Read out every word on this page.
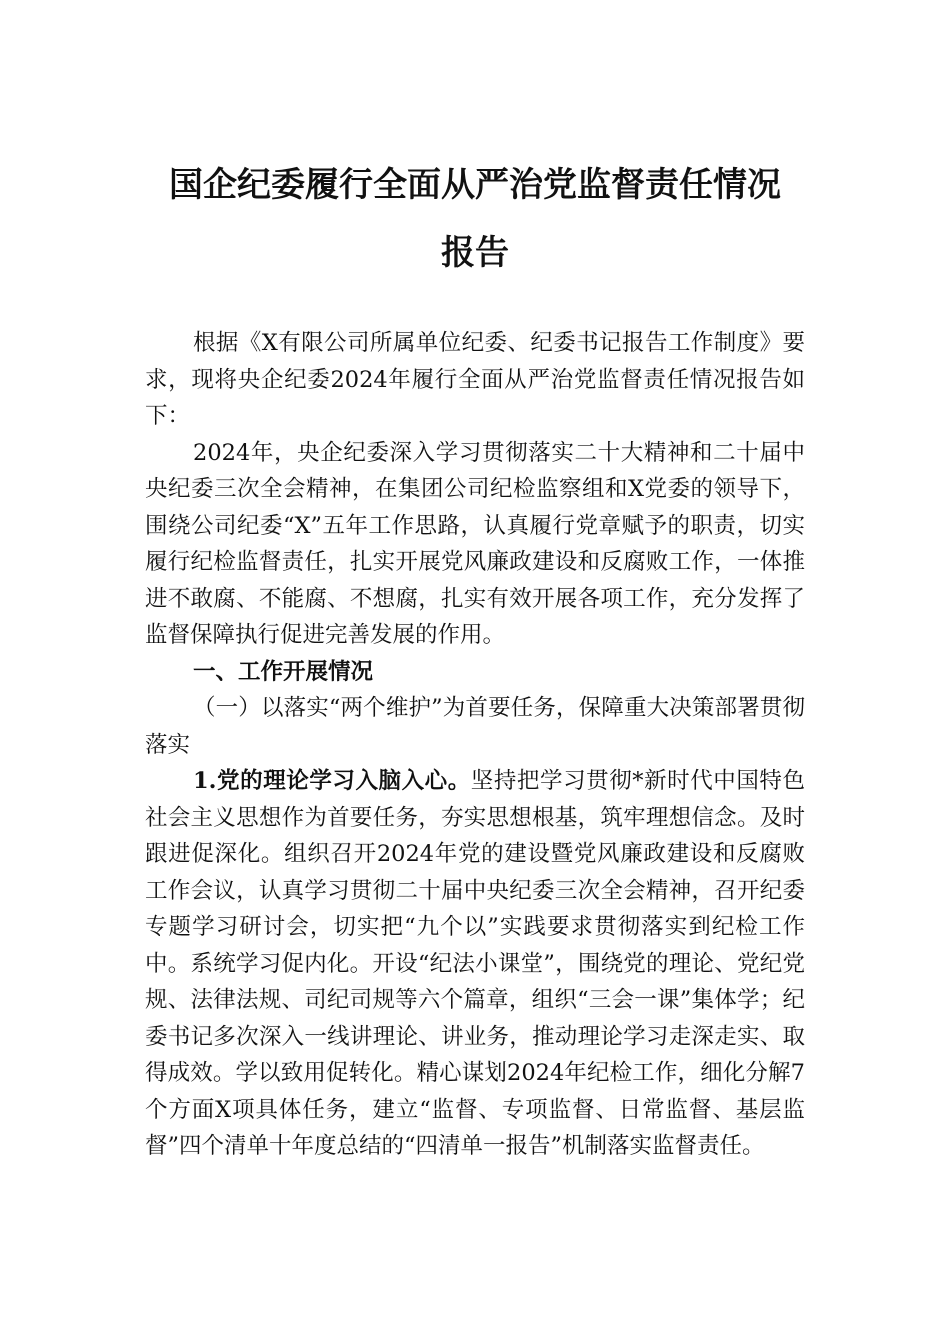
国企纪委履行全面从严治党监督责任情况
报告

根据《X有限公司所属单位纪委、纪委书记报告工作制度》要求，现将央企纪委2024年履行全面从严治党监督责任情况报告如下：

2024年，央企纪委深入学习贯彻落实二十大精神和二十届中央纪委三次全会精神，在集团公司纪检监察组和X党委的领导下，围绕公司纪委“X”五年工作思路，认真履行党章赋予的职责，切实履行纪检监督责任，扎实开展党风廉政建设和反腐败工作，一体推进不敢腐、不能腐、不想腐，扎实有效开展各项工作，充分发挥了监督保障执行促进完善发展的作用。

一、工作开展情况

（一）以落实“两个维护”为首要任务，保障重大决策部署贯彻落实

1.党的理论学习入脑入心。坚持把学习贯彻*新时代中国特色社会主义思想作为首要任务，夯实思想根基，筑牢理想信念。及时跟进促深化。组织召开2024年党的建设暨党风廉政建设和反腐败工作会议，认真学习贯彻二十届中央纪委三次全会精神，召开纪委专题学习研讨会，切实把“九个以”实践要求贯彻落实到纪检工作中。系统学习促内化。开设“纪法小课堂”，围绕党的理论、党纪党规、法律法规、司纪司规等六个篇章，组织“三会一课”集体学；纪委书记多次深入一线讲理论、讲业务，推动理论学习走深走实、取得成效。学以致用促转化。精心谋划2024年纪检工作，细化分解7个方面X项具体任务，建立“监督、专项监督、日常监督、基层监督”四个清单十年度总结的“四清单一报告”机制落实监督责任。
